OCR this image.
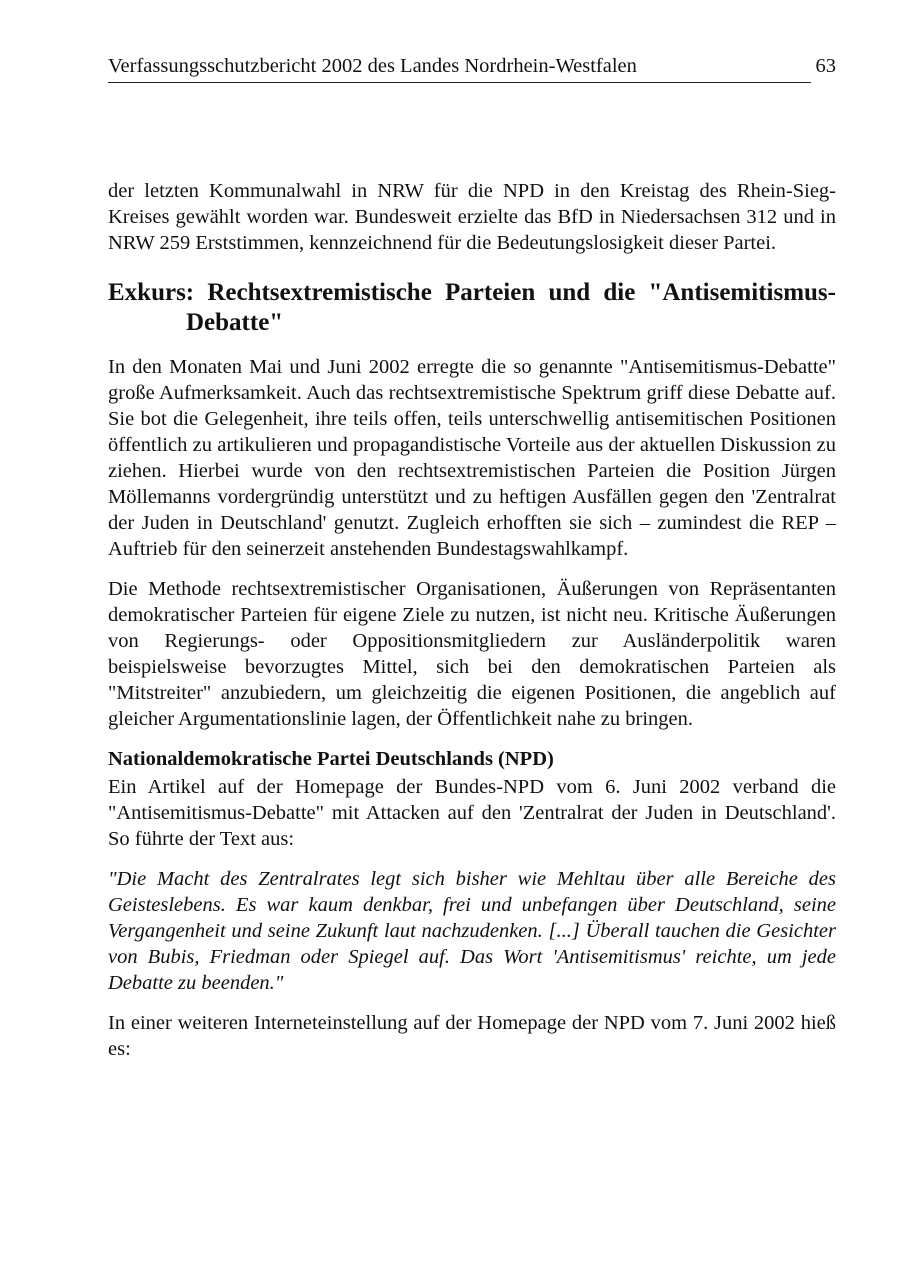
Verfassungsschutzbericht 2002 des Landes Nordrhein-Westfalen	63

der letzten Kommunalwahl in NRW für die NPD in den Kreistag des Rhein-Sieg-Kreises gewählt worden war. Bundesweit erzielte das BfD in Niedersachsen 312 und in NRW 259 Erststimmen, kennzeichnend für die Bedeutungslosigkeit dieser Partei.

Exkurs: Rechtsextremistische Parteien und die "Antisemitismus-Debatte"

In den Monaten Mai und Juni 2002 erregte die so genannte "Antisemitismus-Debatte" große Aufmerksamkeit. Auch das rechtsextremistische Spektrum griff diese Debatte auf. Sie bot die Gelegenheit, ihre teils offen, teils unterschwellig antisemitischen Positionen öffentlich zu artikulieren und propagandistische Vorteile aus der aktuellen Diskussion zu ziehen. Hierbei wurde von den rechtsextremistischen Parteien die Position Jürgen Möllemanns vordergründig unterstützt und zu heftigen Ausfällen gegen den 'Zentralrat der Juden in Deutschland' genutzt. Zugleich erhofften sie sich – zumindest die REP – Auftrieb für den seinerzeit anstehenden Bundestagswahlkampf.

Die Methode rechtsextremistischer Organisationen, Äußerungen von Repräsentanten demokratischer Parteien für eigene Ziele zu nutzen, ist nicht neu. Kritische Äußerungen von Regierungs- oder Oppositionsmitgliedern zur Ausländerpolitik waren beispielsweise bevorzugtes Mittel, sich bei den demokratischen Parteien als "Mitstreiter" anzubiedern, um gleichzeitig die eigenen Positionen, die angeblich auf gleicher Argumentationslinie lagen, der Öffentlichkeit nahe zu bringen.

Nationaldemokratische Partei Deutschlands (NPD)

Ein Artikel auf der Homepage der Bundes-NPD vom 6. Juni 2002 verband die "Antisemitismus-Debatte" mit Attacken auf den 'Zentralrat der Juden in Deutschland'. So führte der Text aus:

"Die Macht des Zentralrates legt sich bisher wie Mehltau über alle Bereiche des Geisteslebens. Es war kaum denkbar, frei und unbefangen über Deutschland, seine Vergangenheit und seine Zukunft laut nachzudenken. [...] Überall tauchen die Gesichter von Bubis, Friedman oder Spiegel auf. Das Wort 'Antisemitismus' reichte, um jede Debatte zu beenden."

In einer weiteren Interneteinstellung auf der Homepage der NPD vom 7. Juni 2002 hieß es:
